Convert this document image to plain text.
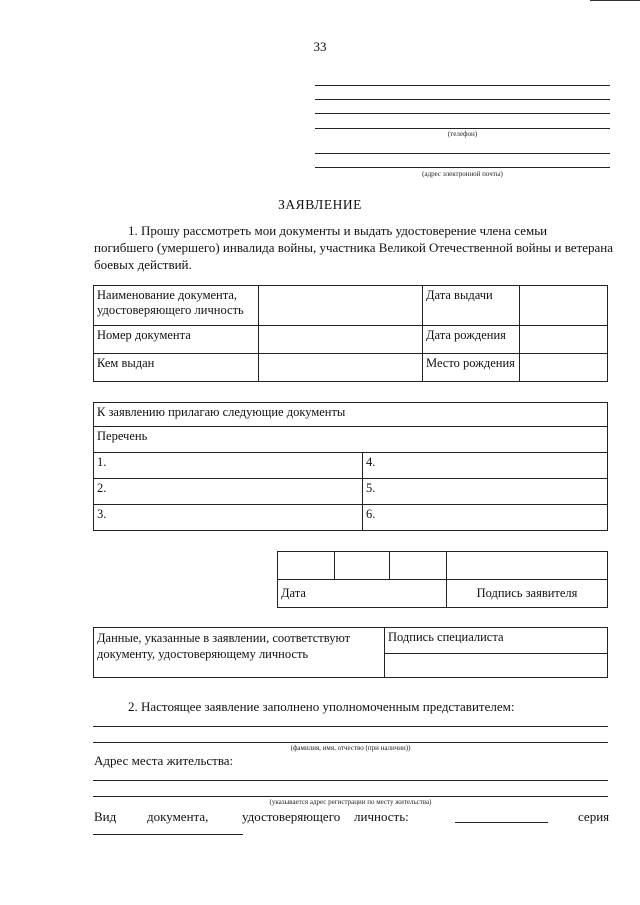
33
(телефон)
(адрес электронной почты)
ЗАЯВЛЕНИЕ
1. Прошу рассмотреть мои документы и выдать удостоверение члена семьи
погибшего (умершего) инвалида войны, участника Великой Отечественной войны и ветерана
боевых действий.
Наименование документа, удостоверяющего личность		Дата выдачи	
Номер документа		Дата рождения	
Кем выдан		Место рождения	
К заявлению прилагаю следующие документы	
Перечень	
1.	4.
2.	5.
3.	6.

Дата			Подпись заявителя
Данные, указанные в заявлении, соответствуют документу, удостоверяющему личность	Подпись специалиста

2. Настоящее заявление заполнено уполномоченным представителем:
(фамилия, имя, отчество (при наличии))
Адрес места жительства:
(указывается адрес регистрации по месту жительства)
Вид документа,	удостоверяющего личность:	серия
